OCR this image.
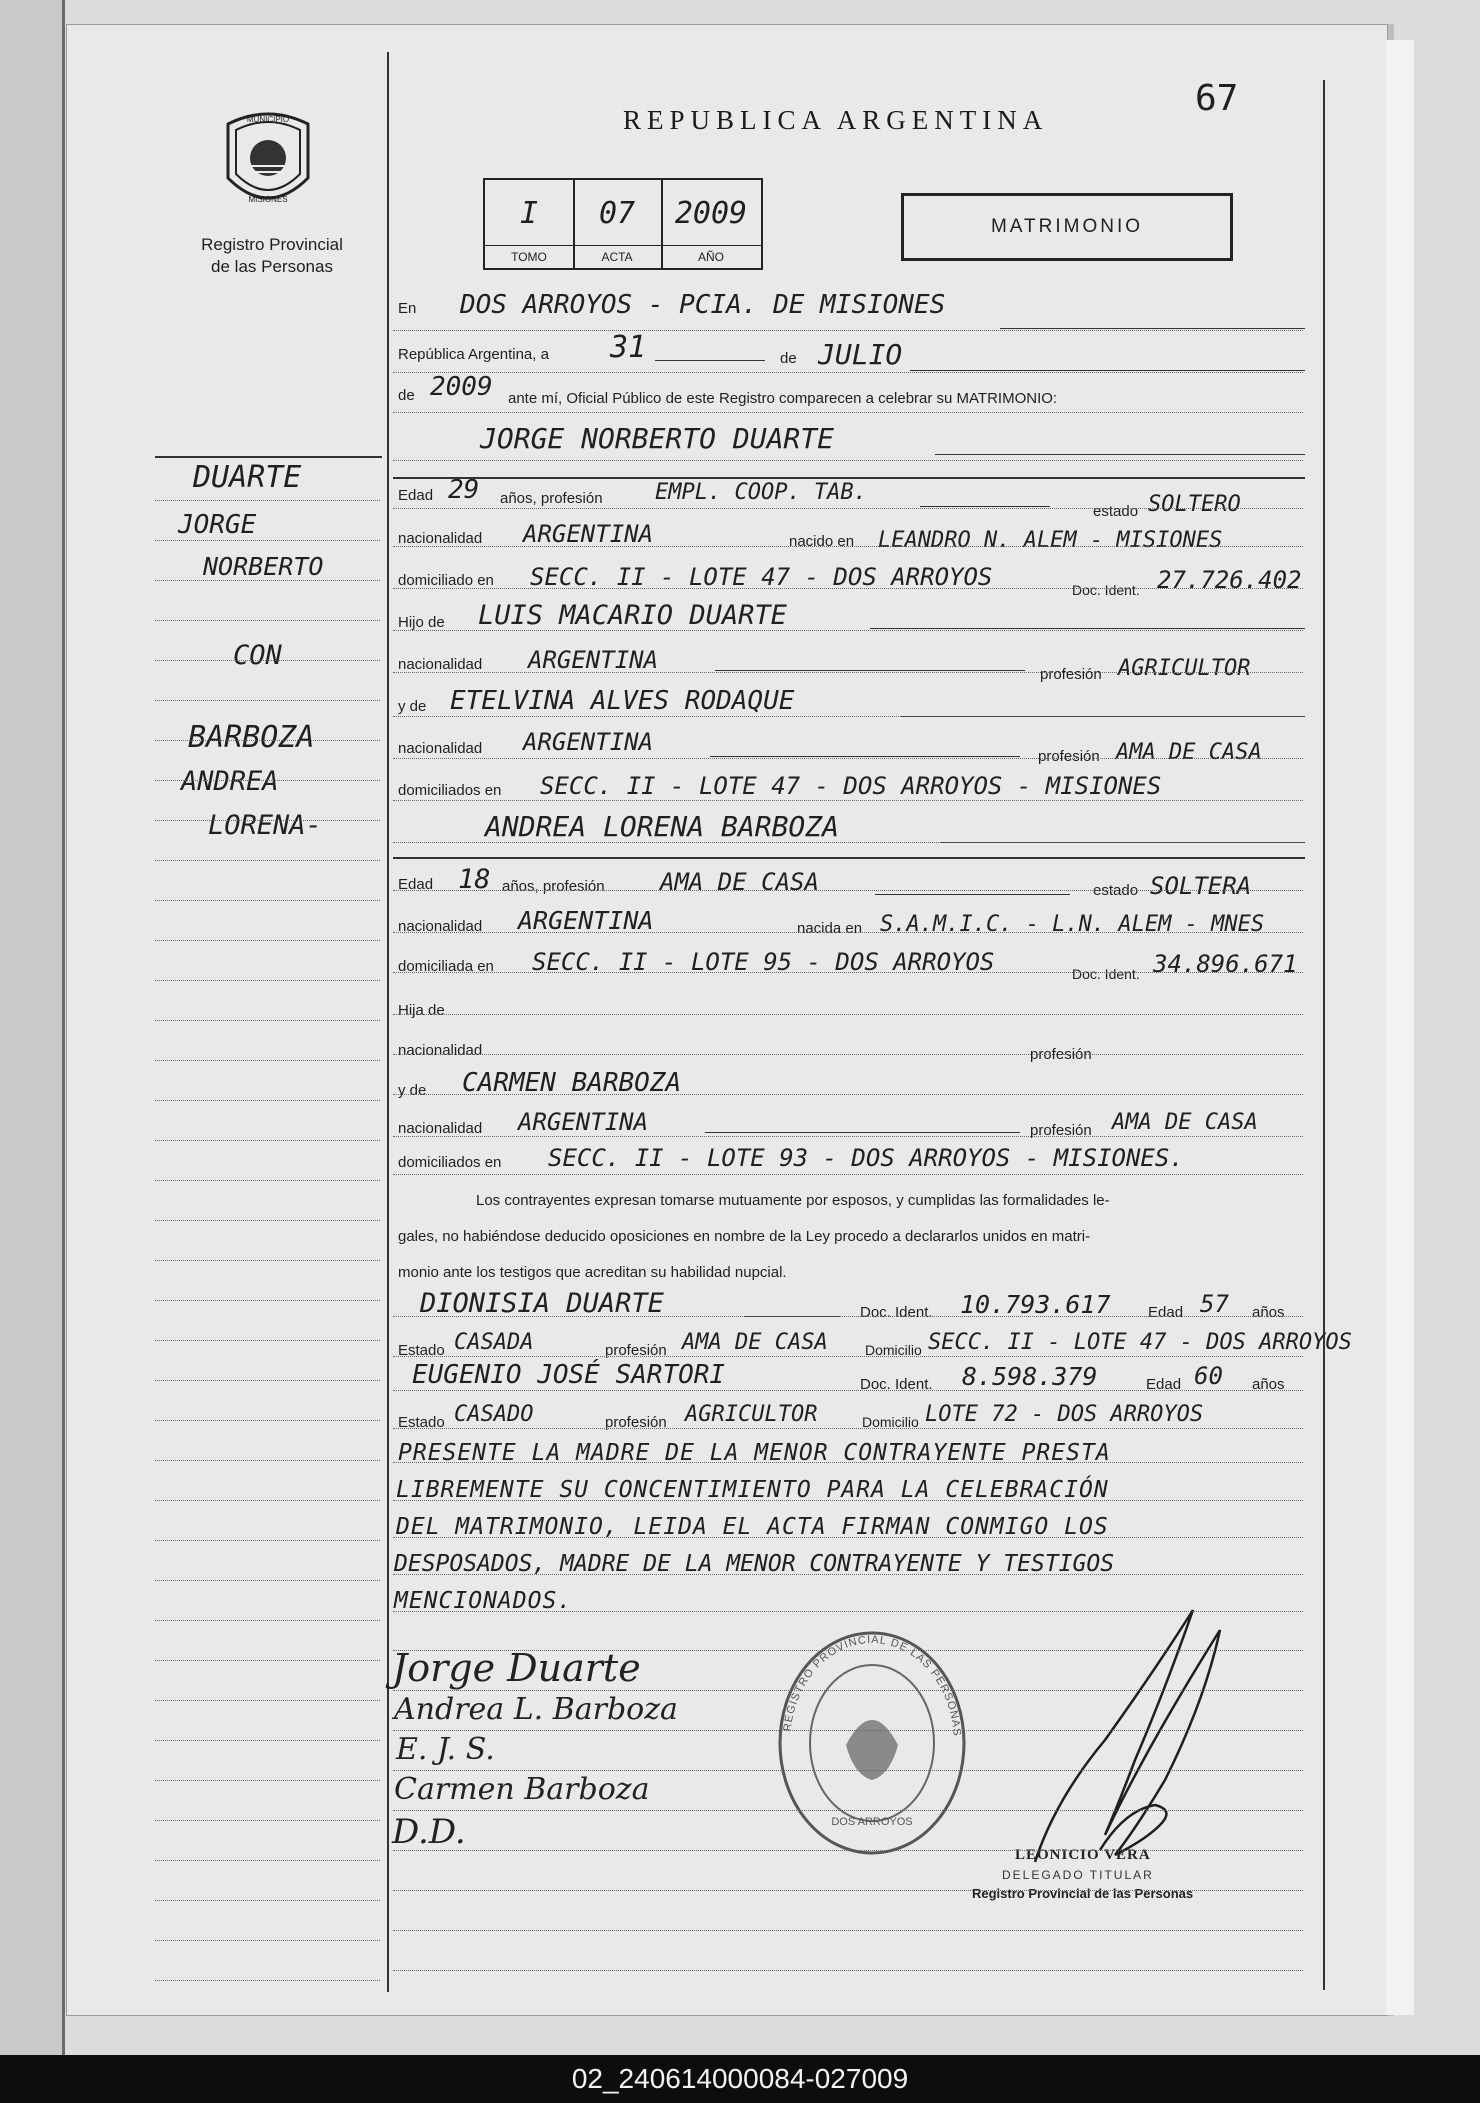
MUNICIPIO
MISIONES
Registro Provincial
de las Personas
REPUBLICA ARGENTINA
67
I
TOMO
07
ACTA
2009
AÑO
MATRIMONIO
DUARTE
JORGE
NORBERTO
CON
BARBOZA
ANDREA
LORENA-
En DOS ARROYOS - PCIA. DE MISIONES
República Argentina, a 31	de JULIO
de 2009 ante mí, Oficial Público de este Registro comparecen a celebrar su MATRIMONIO:
JORGE NORBERTO DUARTE
Edad 29 años, profesión EMPL. COOP. TAB.
estado SOLTERO
nacionalidad ARGENTINA	nacido en LEANDRO N. ALEM - MISIONES
domiciliado en SECC. II - LOTE 47 - DOS ARROYOS	Doc. Ident. 27.726.402
Hijo de LUIS MACARIO DUARTE
nacionalidad ARGENTINA
profesión AGRICULTOR
y de ETELVINA ALVES RODAQUE
nacionalidad ARGENTINA
profesión AMA DE CASA
domiciliados en SECC. II - LOTE 47 - DOS ARROYOS - MISIONES
ANDREA LORENA BARBOZA
Edad 18 años, profesión AMA DE CASA	estado SOLTERA
nacionalidad ARGENTINA	nacida en S.A.M.I.C. - L.N. ALEM - MNES
domiciliada en SECC. II - LOTE 95 - DOS ARROYOS	Doc. Ident. 34.896.671
Hija de
nacionalidad	profesión
y de CARMEN BARBOZA
nacionalidad ARGENTINA	profesión AMA DE CASA
domiciliados en SECC. II - LOTE 93 - DOS ARROYOS - MISIONES.
Los contrayentes expresan tomarse mutuamente por esposos, y cumplidas las formalidades le-
gales, no habiéndose deducido oposiciones en nombre de la Ley procedo a declararlos unidos en matri-
monio ante los testigos que acreditan su habilidad nupcial.
DIONISIA DUARTE	Doc. Ident. 10.793.617 Edad 57 años
Estado CASADA	profesión AMA DE CASA	Domicilio SECC. II - LOTE 47 - DOS ARROYOS
EUGENIO JOSÉ SARTORI	Doc. Ident. 8.598.379	Edad 60 años
Estado CASADO	profesión AGRICULTOR	Domicilio LOTE 72 - DOS ARROYOS
PRESENTE LA MADRE DE LA MENOR CONTRAYENTE PRESTA
LIBREMENTE SU CONCENTIMIENTO PARA LA CELEBRACIÓN
DEL MATRIMONIO, LEIDA EL ACTA FIRMAN CONMIGO LOS
DESPOSADOS, MADRE DE LA MENOR CONTRAYENTE Y TESTIGOS
MENCIONADOS.
Jorge Duarte
Andrea L. Barboza
E. J. S.
Carmen Barboza
D.D.
REGISTRO PROVINCIAL DE LAS PERSONAS
DOS ARROYOS
LEONICIO VERA
DELEGADO TITULAR
Registro Provincial de las Personas
02_240614000084-027009
